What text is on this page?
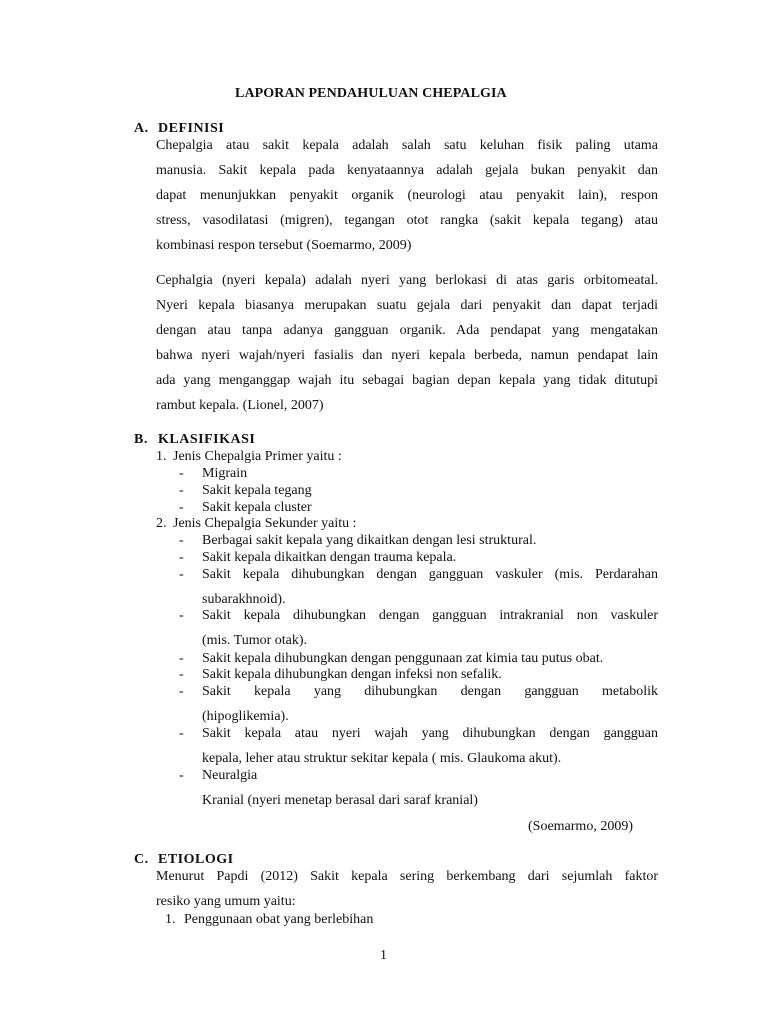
LAPORAN PENDAHULUAN CHEPALGIA
A. DEFINISI
Chepalgia atau sakit kepala adalah salah satu keluhan fisik paling utama
manusia. Sakit kepala pada kenyataannya adalah gejala bukan penyakit dan
dapat menunjukkan penyakit organik (neurologi atau penyakit lain), respon
stress, vasodilatasi (migren), tegangan otot rangka (sakit kepala tegang) atau
kombinasi respon tersebut (Soemarmo, 2009)
Cephalgia (nyeri kepala) adalah nyeri yang berlokasi di atas garis orbitomeatal.
Nyeri kepala biasanya merupakan suatu gejala dari penyakit dan dapat terjadi
dengan atau tanpa adanya gangguan organik. Ada pendapat yang mengatakan
bahwa nyeri wajah/nyeri fasialis dan nyeri kepala berbeda, namun pendapat lain
ada yang menganggap wajah itu sebagai bagian depan kepala yang tidak ditutupi
rambut kepala. (Lionel, 2007)
B. KLASIFIKASI
1. Jenis Chepalgia Primer yaitu :
- Migrain
- Sakit kepala tegang
- Sakit kepala cluster
2. Jenis Chepalgia Sekunder yaitu :
- Berbagai sakit kepala yang dikaitkan dengan lesi struktural.
- Sakit kepala dikaitkan dengan trauma kepala.
- Sakit kepala dihubungkan dengan gangguan vaskuler (mis. Perdarahan
subarakhnoid).
- Sakit kepala dihubungkan dengan gangguan intrakranial non vaskuler
(mis. Tumor otak).
- Sakit kepala dihubungkan dengan penggunaan zat kimia tau putus obat.
- Sakit kepala dihubungkan dengan infeksi non sefalik.
- Sakit kepala yang dihubungkan dengan gangguan metabolik
(hipoglikemia).
- Sakit kepala atau nyeri wajah yang dihubungkan dengan gangguan
kepala, leher atau struktur sekitar kepala ( mis. Glaukoma akut).
- Neuralgia
Kranial (nyeri menetap berasal dari saraf kranial)
(Soemarmo, 2009)
C. ETIOLOGI
Menurut Papdi (2012) Sakit kepala sering berkembang dari sejumlah faktor
resiko yang umum yaitu:
1. Penggunaan obat yang berlebihan
1
